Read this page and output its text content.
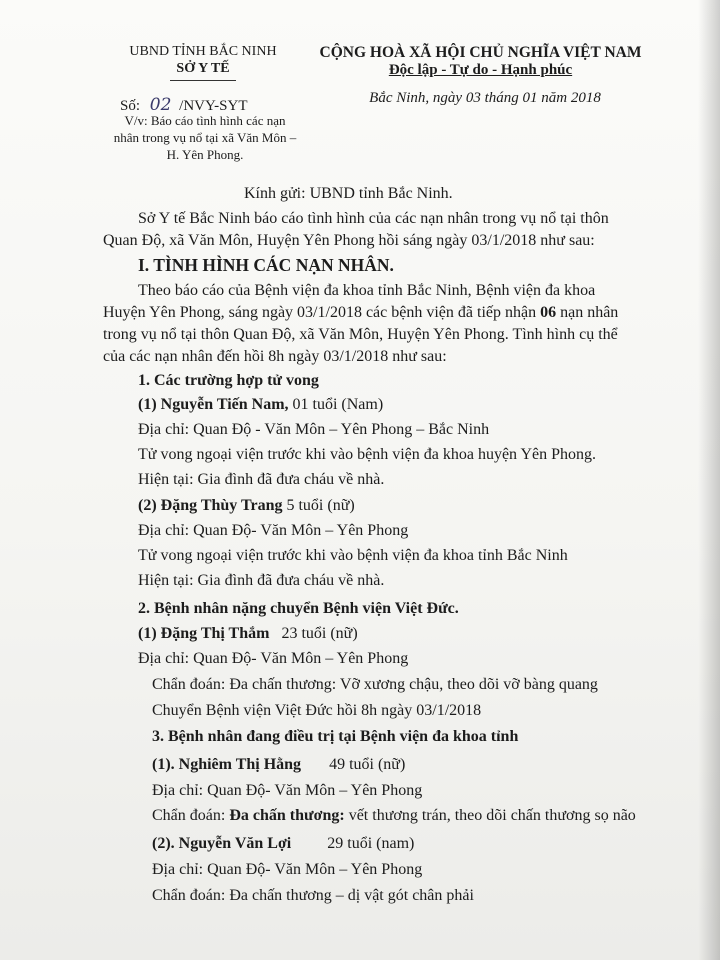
UBND TỈNH BẮC NINH
SỞ Y TẾ
Số: 02 /NVY-SYT
V/v: Báo cáo tình hình các nạn
nhân trong vụ nổ tại xã Văn Môn –
H. Yên Phong.
CỘNG HOÀ XÃ HỘI CHỦ NGHĨA VIỆT NAM
Độc lập - Tự do - Hạnh phúc
Bắc Ninh, ngày 03 tháng 01 năm 2018
Kính gửi: UBND tỉnh Bắc Ninh.
Sở Y tế Bắc Ninh báo cáo tình hình của các nạn nhân trong vụ nổ tại thôn
Quan Độ, xã Văn Môn, Huyện Yên Phong hồi sáng ngày 03/1/2018 như sau:
I. TÌNH HÌNH CÁC NẠN NHÂN.
Theo báo cáo của Bệnh viện đa khoa tỉnh Bắc Ninh, Bệnh viện đa khoa
Huyện Yên Phong, sáng ngày 03/1/2018 các bệnh viện đã tiếp nhận 06 nạn nhân
trong vụ nổ tại thôn Quan Độ, xã Văn Môn, Huyện Yên Phong. Tình hình cụ thể
của các nạn nhân đến hồi 8h ngày 03/1/2018 như sau:
1. Các trường hợp tử vong
(1) Nguyễn Tiến Nam, 01 tuổi (Nam)
Địa chỉ: Quan Độ - Văn Môn – Yên Phong – Bắc Ninh
Tử vong ngoại viện trước khi vào bệnh viện đa khoa huyện Yên Phong.
Hiện tại: Gia đình đã đưa cháu về nhà.
(2) Đặng Thùy Trang 5 tuổi (nữ)
Địa chỉ: Quan Độ- Văn Môn – Yên Phong
Tử vong ngoại viện trước khi vào bệnh viện đa khoa tỉnh Bắc Ninh
Hiện tại: Gia đình đã đưa cháu về nhà.
2. Bệnh nhân nặng chuyển Bệnh viện Việt Đức.
(1) Đặng Thị Thắm   23 tuổi (nữ)
Địa chỉ: Quan Độ- Văn Môn – Yên Phong
Chẩn đoán: Đa chấn thương: Vỡ xương chậu, theo dõi vỡ bàng quang
Chuyển Bệnh viện Việt Đức hồi 8h ngày 03/1/2018
3. Bệnh nhân đang điều trị tại Bệnh viện đa khoa tỉnh
(1). Nghiêm Thị Hằng 49 tuổi (nữ)
Địa chỉ: Quan Độ- Văn Môn – Yên Phong
Chẩn đoán: Đa chấn thương: vết thương trán, theo dõi chấn thương sọ não
(2). Nguyễn Văn Lợi 29 tuổi (nam)
Địa chỉ: Quan Độ- Văn Môn – Yên Phong
Chẩn đoán: Đa chấn thương – dị vật gót chân phải
